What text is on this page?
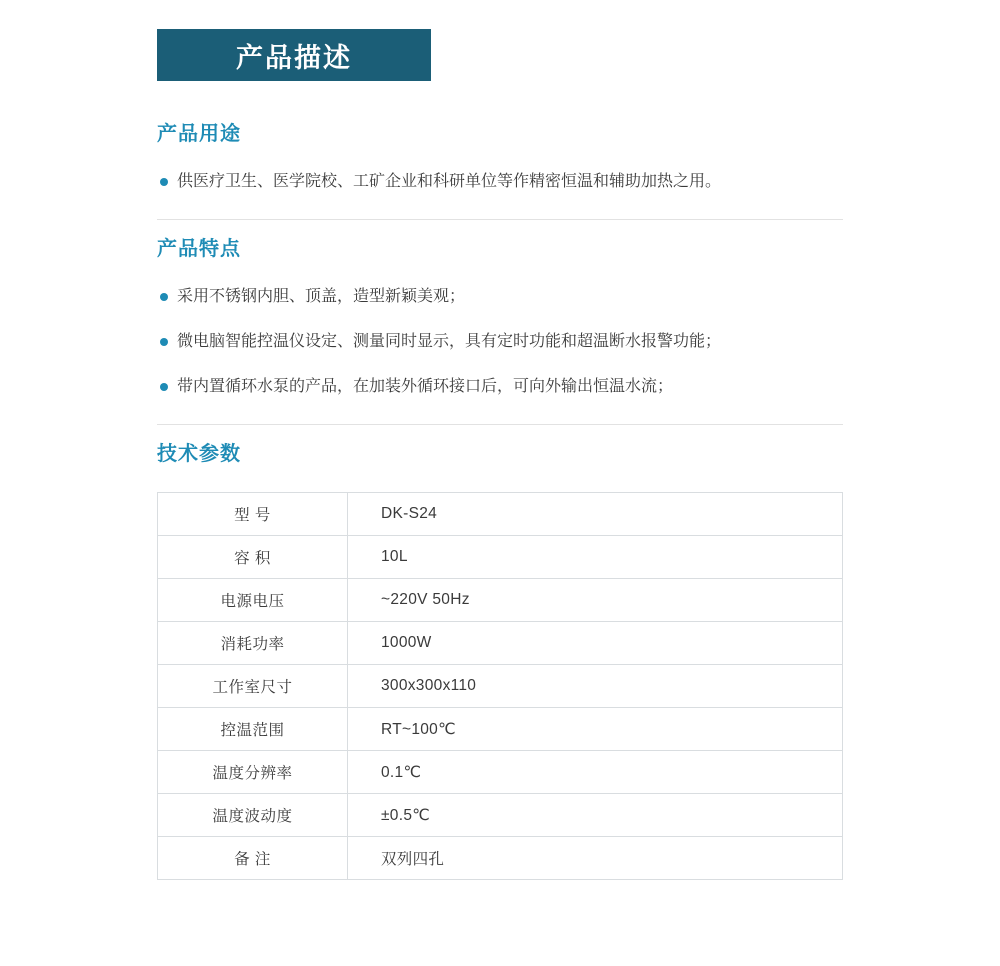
产品描述
产品用途
供医疗卫生、医学院校、工矿企业和科研单位等作精密恒温和辅助加热之用。
产品特点
采用不锈钢内胆、顶盖，造型新颖美观；
微电脑智能控温仪设定、测量同时显示，具有定时功能和超温断水报警功能；
带内置循环水泵的产品，在加装外循环接口后，可向外输出恒温水流；
技术参数
型 号	DK-S24
容 积	10L
电源电压	~220V 50Hz
消耗功率	1000W
工作室尺寸	300x300x110
控温范围	RT~100℃
温度分辨率	0.1℃
温度波动度	±0.5℃
备 注	双列四孔
